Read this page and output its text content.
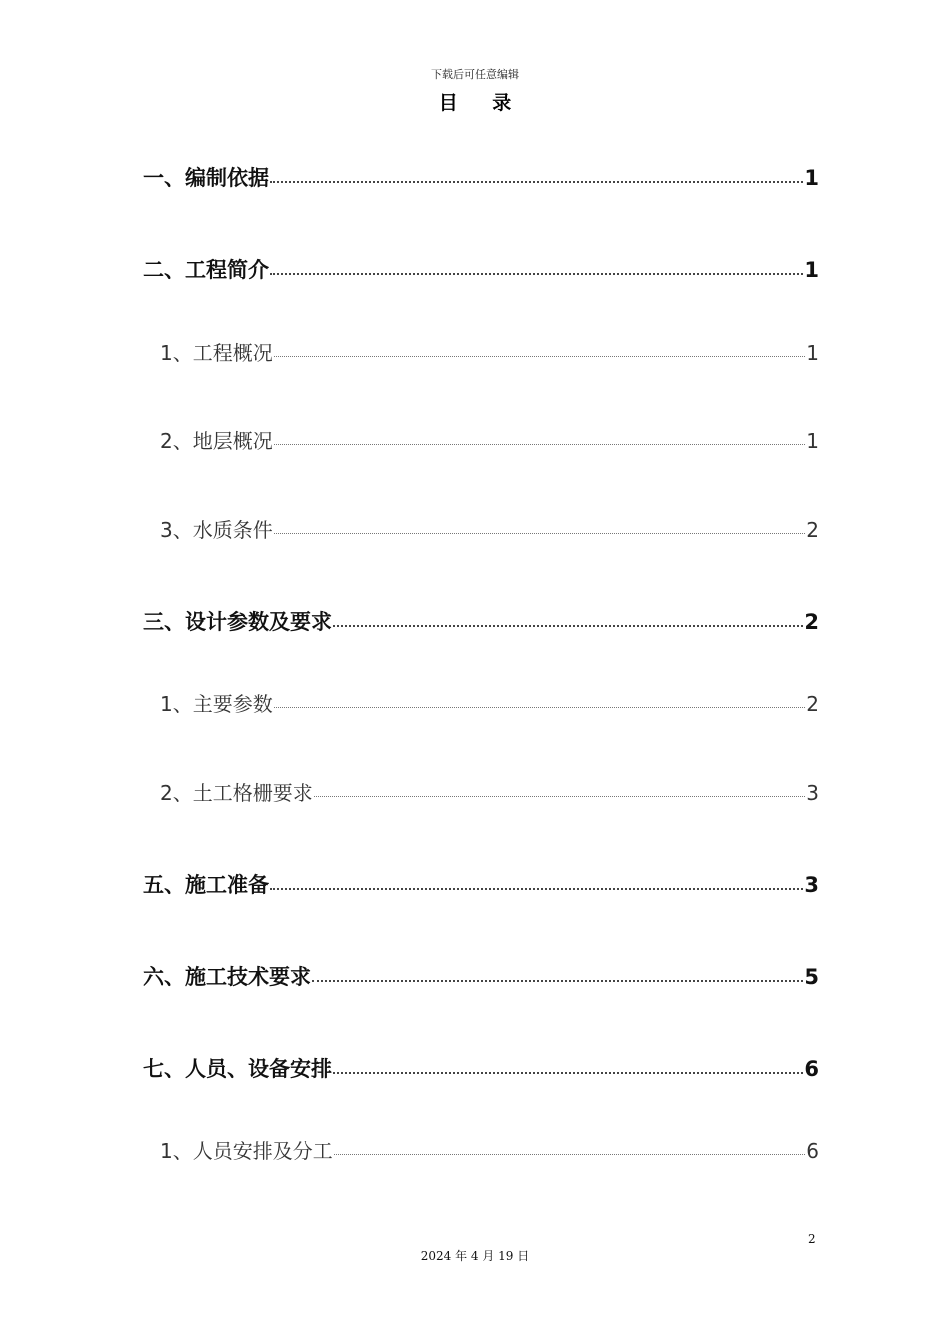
下载后可任意编辑
目 录
一、编制依据	1
二、工程简介	1
1、工程概况	1
2、地层概况	1
3、水质条件	2
三、设计参数及要求	2
1、主要参数	2
2、土工格栅要求	3
五、施工准备	3
六、施工技术要求	5
七、人员、设备安排	6
1、人员安排及分工	6
2
2024 年 4 月 19 日
